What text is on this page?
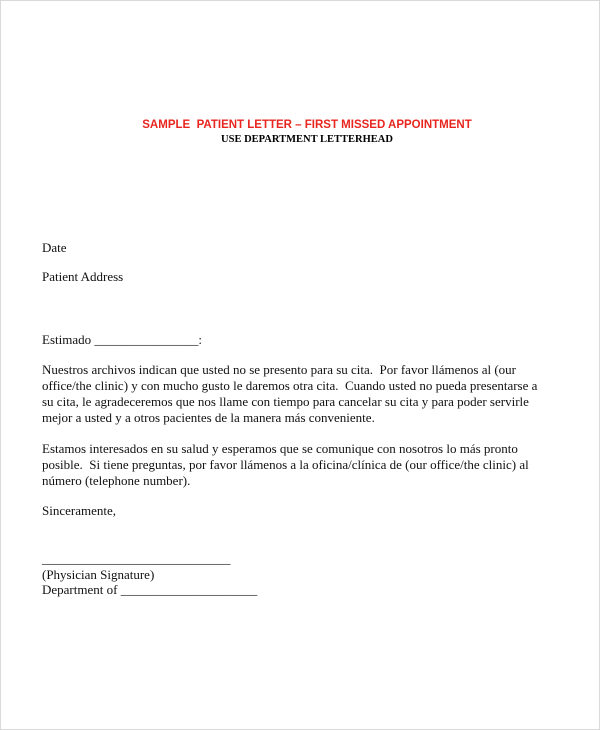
SAMPLE  PATIENT LETTER – FIRST MISSED APPOINTMENT
USE DEPARTMENT LETTERHEAD
Date
Patient Address
Estimado ________________:
Nuestros archivos indican que usted no se presento para su cita.  Por favor llámenos al (our
office/the clinic) y con mucho gusto le daremos otra cita.  Cuando usted no pueda presentarse a
su cita, le agradeceremos que nos llame con tiempo para cancelar su cita y para poder servirle
mejor a usted y a otros pacientes de la manera más conveniente.
Estamos interesados en su salud y esperamos que se comunique con nosotros lo más pronto
posible.  Si tiene preguntas, por favor llámenos a la oficina/clínica de (our office/the clinic) al
número (telephone number).
Sinceramente,
_____________________________
(Physician Signature)
Department of _____________________
